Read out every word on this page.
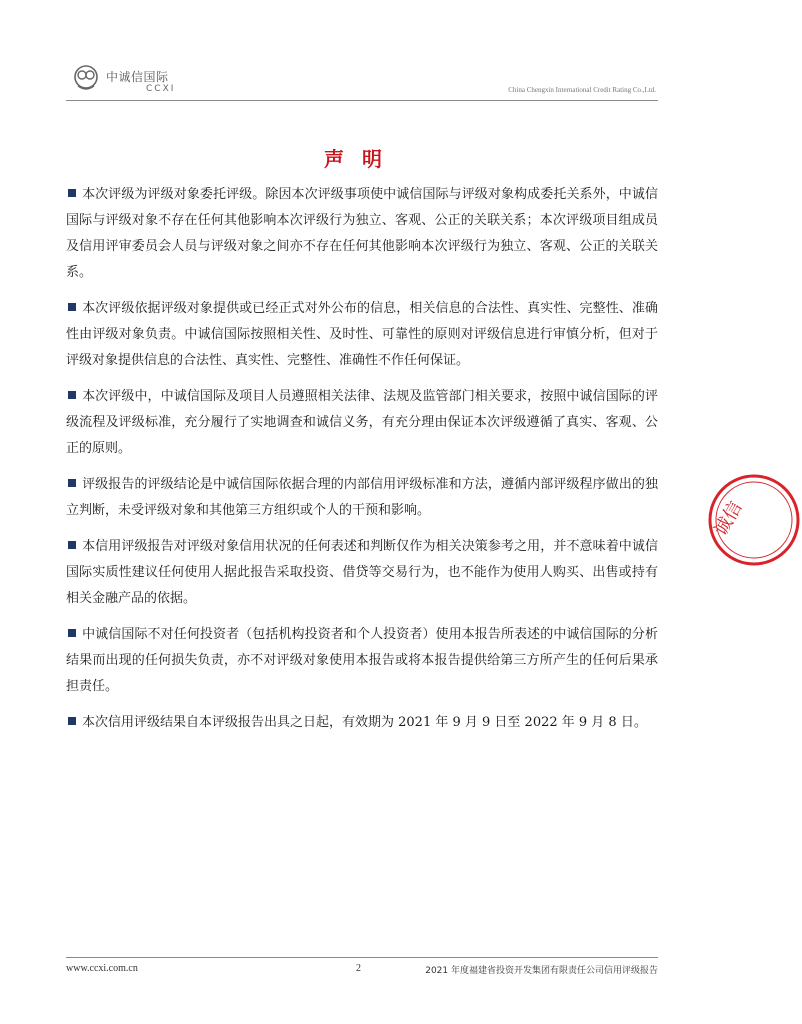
中诚信国际
CCXI	China Chengxin International Credit Rating Co.,Ltd.
声明

本次评级为评级对象委托评级。除因本次评级事项使中诚信国际与评级对象构成委托关系外，中诚信国际与评级对象不存在任何其他影响本次评级行为独立、客观、公正的关联关系；本次评级项目组成员及信用评审委员会人员与评级对象之间亦不存在任何其他影响本次评级行为独立、客观、公正的关联关系。

本次评级依据评级对象提供或已经正式对外公布的信息，相关信息的合法性、真实性、完整性、准确性由评级对象负责。中诚信国际按照相关性、及时性、可靠性的原则对评级信息进行审慎分析，但对于评级对象提供信息的合法性、真实性、完整性、准确性不作任何保证。

本次评级中，中诚信国际及项目人员遵照相关法律、法规及监管部门相关要求，按照中诚信国际的评级流程及评级标准，充分履行了实地调查和诚信义务，有充分理由保证本次评级遵循了真实、客观、公正的原则。

评级报告的评级结论是中诚信国际依据合理的内部信用评级标准和方法，遵循内部评级程序做出的独立判断，未受评级对象和其他第三方组织或个人的干预和影响。

本信用评级报告对评级对象信用状况的任何表述和判断仅作为相关决策参考之用，并不意味着中诚信国际实质性建议任何使用人据此报告采取投资、借贷等交易行为，也不能作为使用人购买、出售或持有相关金融产品的依据。

中诚信国际不对任何投资者（包括机构投资者和个人投资者）使用本报告所表述的中诚信国际的分析结果而出现的任何损失负责，亦不对评级对象使用本报告或将本报告提供给第三方所产生的任何后果承担责任。

本次信用评级结果自本评级报告出具之日起，有效期为 2021 年 9 月 9 日至 2022 年 9 月 8 日。

诚信
www.ccxi.com.cn	2	2021 年度福建省投资开发集团有限责任公司信用评级报告
